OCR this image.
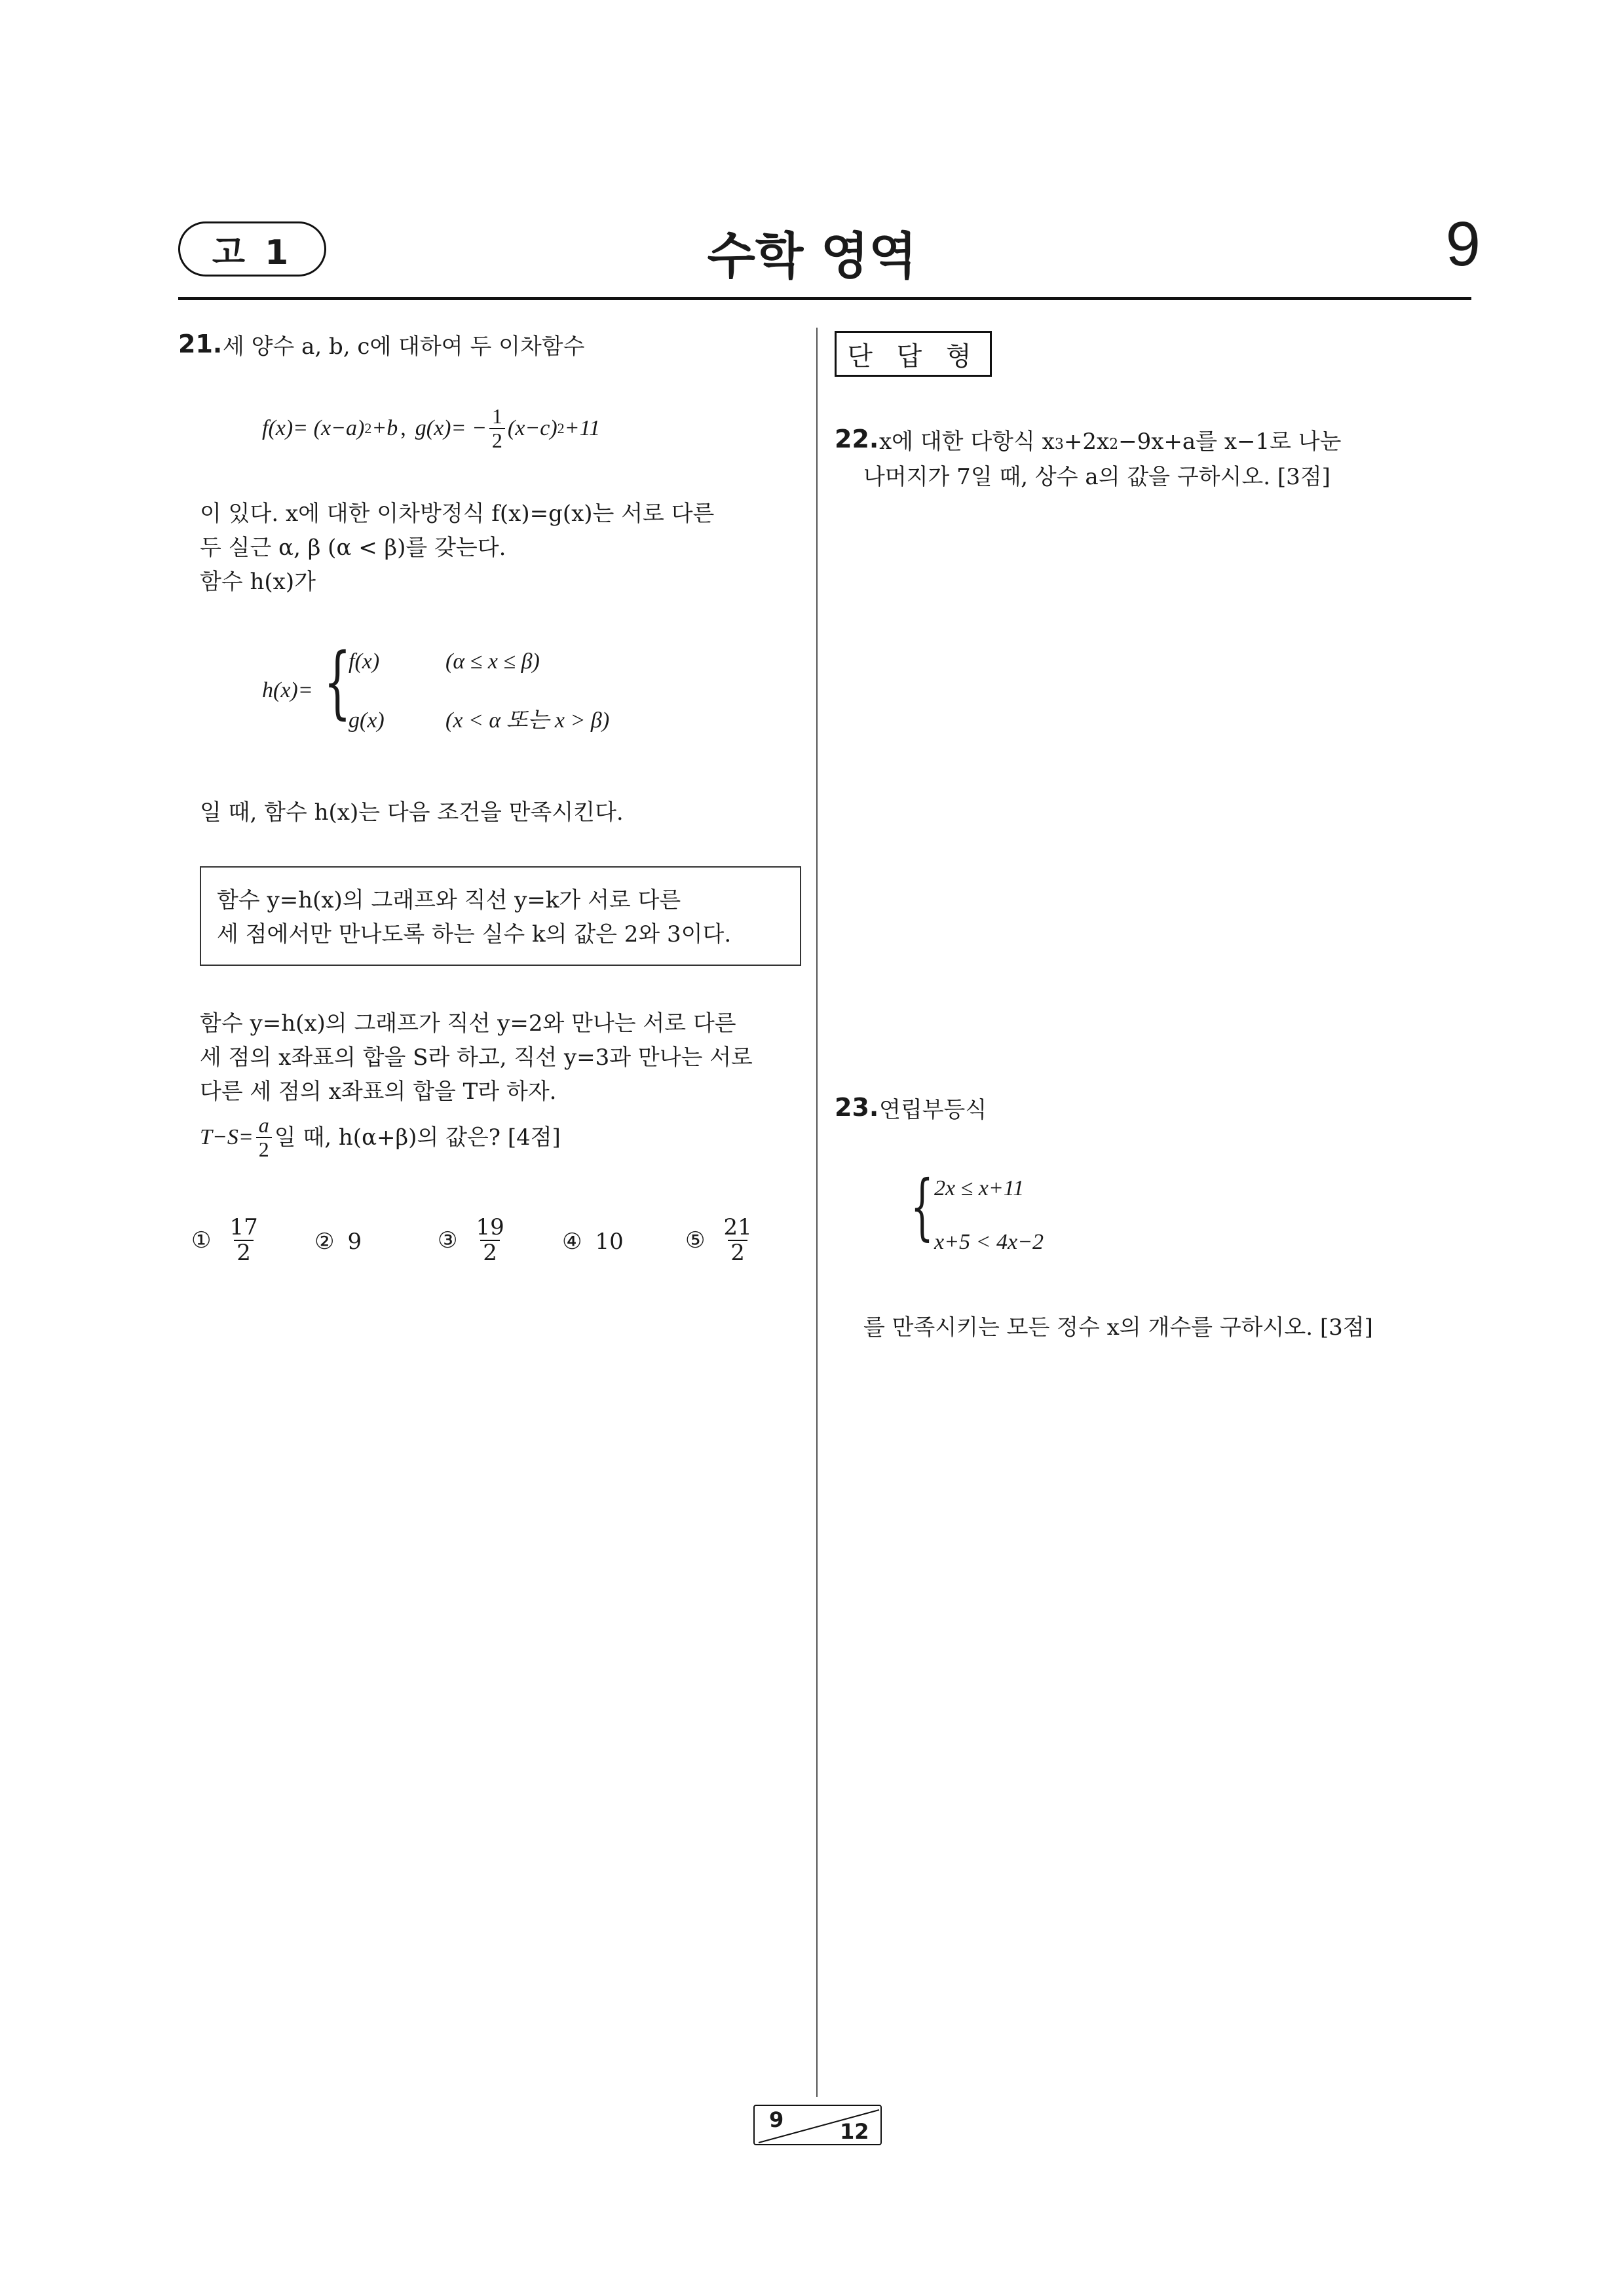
고 1	수학 영역	9
21. 세 양수 a, b, c에 대하여 두 이차함수
f(x)= (x−a) 2 +b , $g(x)= - \frac{1}{2} (x-c)$ 2 +11
이 있다. x에 대한 이차방정식 f(x)=g(x)는 서로 다른
두 실근 α, β (α < β)를 갖는다.
함수 h(x)가
h(x)= {
f(x)	(α ≤ x ≤ β)
g(x)	(x < α 또는 x > β)
일 때, 함수 h(x)는 다음 조건을 만족시킨다.
함수 y=h(x)의 그래프와 직선 y=k가 서로 다른
세 점에서만 만나도록 하는 실수 k의 값은 2와 3이다.
함수 y=h(x)의 그래프가 직선 y=2와 만나는 서로 다른
세 점의 x좌표의 합을 S라 하고, 직선 y=3과 만나는 서로
다른 세 점의 x좌표의 합을 T라 하자.
$T-S= \frac{a}{2}$ 일 때, h(α+β)의 값은? [4점]
① $\frac{17}{2}$ ② 9	③ $\frac{19}{2}$ ④ 10	⑤ $\frac{21}{2}$
단 답 형
22. x에 대한 다항식 x 3 +2x 2 −9x+a를 x−1로 나눈
나머지가 7일 때, 상수 a의 값을 구하시오. [3점]
23. 연립부등식
{ 2x ≤ x+11
x+5 < 4x−2
를 만족시키는 모든 정수 x의 개수를 구하시오. [3점]
9	12
